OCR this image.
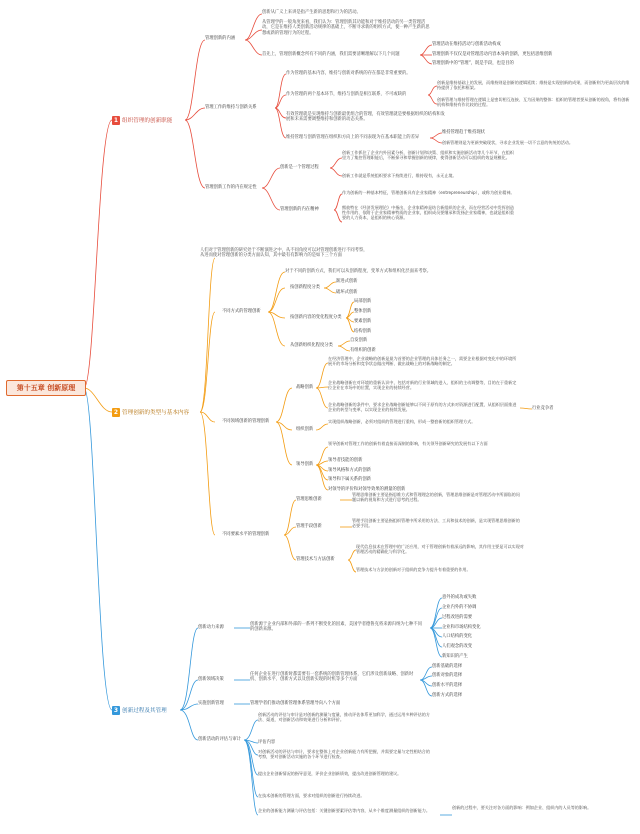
第十五章 创新原理
1 组织管理的创新职能
2 管理创新的类型与基本内容
3 创新过程及其管理
管理创新的内涵
创新从广义上来讲是指产生新的思想和行为的活动。
从管理学的一般角度来看，我们认为：管理创新其功能和对于维持活动的另一类管理活动，它是在维持人类创新活动规律的基础上，不断寻求新的组织方式，使一种产生新的思想或新的管理行为的过程。
首先上，管理创新概念所有不同的内涵，我们需要清晰理解以下几个问题
管理活动在维持活动与创新活动构成
管理创新不仅仅是对管理活动内容本身的创新，更包括思维创新
管理创新中的“管理”，既是手段，也是目的
管理工作的维持与创新关系
作为管理的基本内容，维持与创新对系统的存在都是非常重要的。
作为管理的两个基本环节，维持与创新是相互联系、不可或缺的
创新是维持基础上的发展，而维持则是创新的逻辑延续；维持是实现创新的成果，而创新则为更高层次的维持提供了依托和框架。
创新管理与维持管理在逻辑上是密切相互连接、互为因果的整体：组织的管理者要从创新的视角，将有创新机构和维持有作比较的过程。
有效管理就是实现维持与创新最优组合的管理，有效管理就是要根据组织的结构和发展和未来需要调整维持和创新的动态关系。
维持管理与创新管理在组织和方向上的不同表现为在基本职能上的差异
维持管理趋于维持现状
创新管理则是为更新突破现状，寻求企业发展一切不言意的传统的活动。
管理创新工作的内在规定性
创新是一个管理过程
创新工作抓住了企业内外因素分析，创新计划和决策、组织和实施创新活动等几个环节，在组织里为了集控管理职能后，不断探寻和掌握创新的规律，使得创新活动可以组织的效益规模化。
创新工作就是系统组织要求下持续进行，维持现有，永无止境。
管理创新的内在精神
作为创新的一种基本特征，管理创新具有企业家精神（entrepreneurship），或称为创业精神。
熊彼特在《经济发展理论》中指出，企业家精神是结合新组织的企业，而在经营活动中发挥创造性作用的、依附于企业家精神特质的企业家，组织成员要继承和发扬企业家精神，也就是组织重要的人力资本，是组织的核心资源。
人们对于管理创新的研究处于不断演进之中，从不同角度可以对管理创新进行不同考察，从进而使对管理创新的分类方面认知，其中最有有影响力的是如下三个方面
不同方式的管理创新
对于不同的创新方式，我们可以从创新程度、变革方式和组织化层面来考察。
按创新程度分类
渐进式创新
破坏式创新
按创新内容的变化程度分类
局部创新
整体创新
要素创新
结构创新
从创新组织化程度分类
自发创新
有组织的创新
不同领域创新的管理创新
战略创新
在经济管理中，企业战略的创新是最为首要的企业管理的具体任务之一，需要企业根据对变化中的环境所展开的市场分析和竞争状态做出判断、做出战略上的对新战略的制定。
企业战略创新在对环境的重新认识中，包括对新的行业领域的进入、组织的主动调整等，目的在于重新定位企业在市场中的位置，实现企业的持续经营。
企业战略创新的条件中，要求企业战略创新能够以不同于原有的方式来对资源进行配置，从组织层面推进企业的转型与变革，以实现企业的持续发展。	行业竞争者
组织创新
实现组织战略创新，必须对组织的管理进行重构，形成一整套新的组织管理方式。
领导创新
领导创新对管理工作的创新有着直接而深刻的影响，有关领导创新研究的发展有以下方面
领导者技能的创新
领导风格和方式的创新
领导和下属关系的创新
对领导的评价和对领导效果的测量的创新
不同要素水平的管理创新
管理思维创新
管理思维创新主要是指思维方式和管理理念的创新，管理思维创新是对管理活动中所面临的问题以新的视角和方式进行思考的过程。
管理手段创新
管理手段创新主要是指组织管理中所采用的方法、工具和技术的创新，是实现管理思维创新的必要手段。
管理技术与方法创新
现代信息技术在管理中的广泛应用，对于管理创新有着深远的影响，其作用主要是可以实现对管理活动的精确化与科学化。
管理技术与方法的创新对于组织的竞争力提升有着重要的作用。
创新动力来源
创新源于企业内部和外部的一系列不断变化的因素，美国学者德鲁克将来源归纳为七种不同的创新来源。
意外的成功或失败
企业内外的不协调
过程改进的需要
企业和市场结构变化
人口结构的变化
人们观念的改变
新知识的产生
创新领域决策
任何企业在进行创新时都需要有一套系统的创新管理体系，它们涉及创新战略、创新时机、创新水平、创新方式以及创新实现的时机等多个方面
创新基础的选择
创新对象的选择
创新水平的选择
创新方式的选择
实施创新管理	管理学者们推动创新管理体系管理导向八个方面
创新活动的评估与审计
创新活动的评估与审计是对创新的测量与度量，推动评估体系更加科学，通过运用多种评估的方法、渠道，对创新活动和效果进行分析和评价。
评估内容
对创新活动的评估与审计，要求在整体上对企业创新能力有所把握，并需要定量与定性相结合的考察，要对创新活动实施的各个环节进行检查。
提出企业创新情况的指导意见，评价企业创新绩效，提出改进创新管理的建议。
在技术创新的管理方面，要求对组织的创新进行持续改进。
企业的创新能力测量与评估包括：关键创新要素评估等内容，从多个维度测量组织的创新能力。
创新的过程中，要关注对各方面的影响：例如企业、组织内的人员等的影响。
